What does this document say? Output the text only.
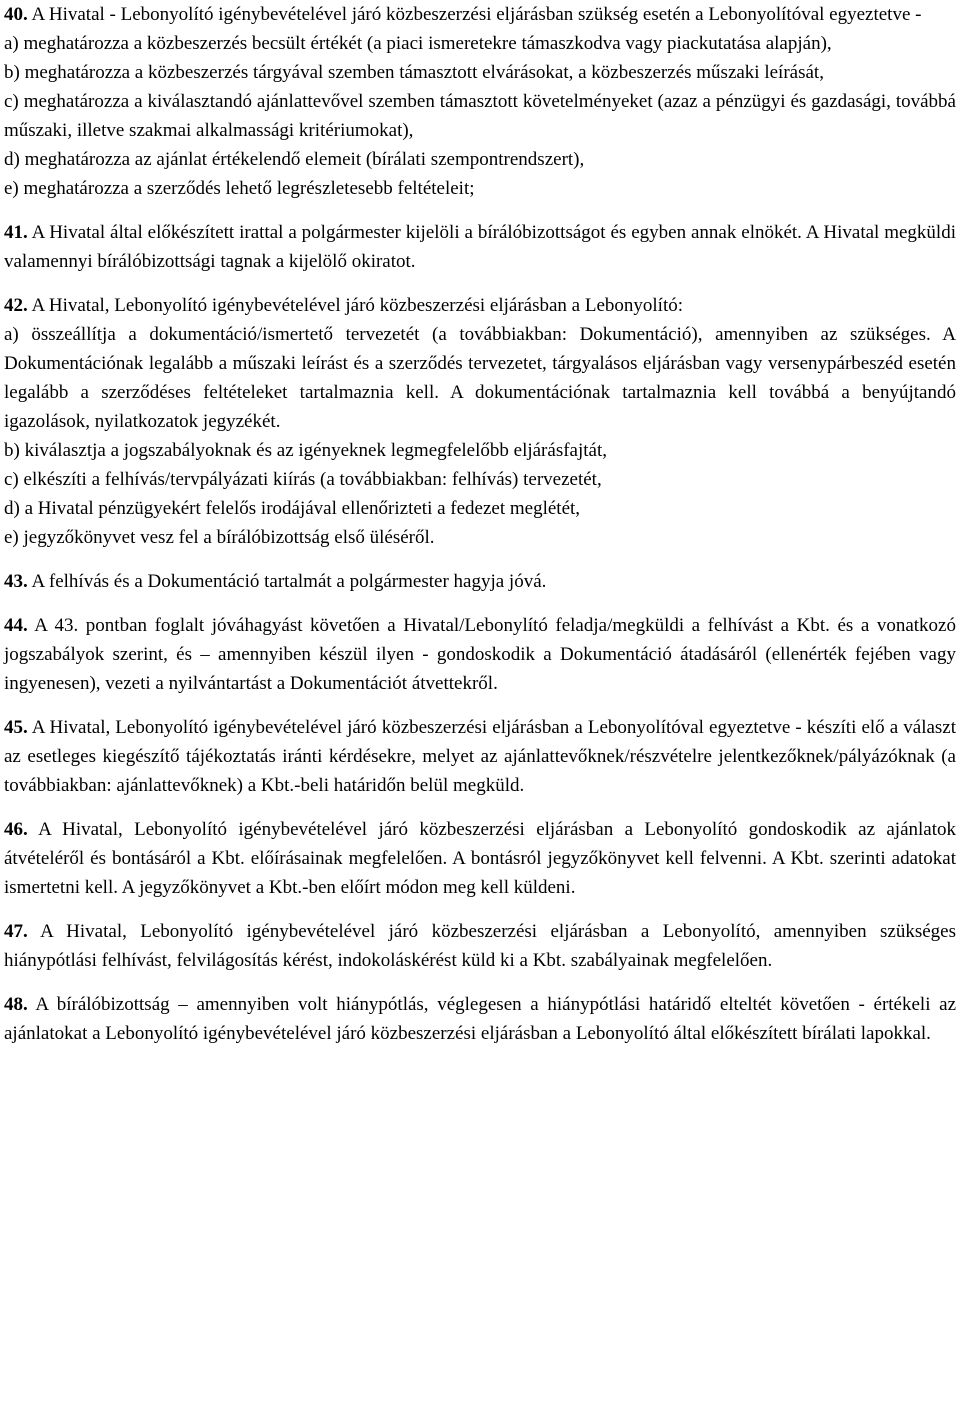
40. A Hivatal - Lebonyolító igénybevételével járó közbeszerzési eljárásban szükség esetén a Lebonyolítóval egyeztetve -

a) meghatározza a közbeszerzés becsült értékét (a piaci ismeretekre támaszkodva vagy piackutatása alapján),

b) meghatározza a közbeszerzés tárgyával szemben támasztott elvárásokat, a közbeszerzés műszaki leírását,

c) meghatározza a kiválasztandó ajánlattevővel szemben támasztott követelményeket (azaz a pénzügyi és gazdasági, továbbá műszaki, illetve szakmai alkalmassági kritériumokat),

d) meghatározza az ajánlat értékelendő elemeit (bírálati szempontrendszert),

e) meghatározza a szerződés lehető legrészletesebb feltételeit;

41. A Hivatal által előkészített irattal a polgármester kijelöli a bírálóbizottságot és egyben annak elnökét. A Hivatal megküldi valamennyi bírálóbizottsági tagnak a kijelölő okiratot.

42. A Hivatal, Lebonyolító igénybevételével járó közbeszerzési eljárásban a Lebonyolító:

a) összeállítja a dokumentáció/ismertető tervezetét (a továbbiakban: Dokumentáció), amennyiben az szükséges. A Dokumentációnak legalább a műszaki leírást és a szerződés tervezetet, tárgyalásos eljárásban vagy versenypárbeszéd esetén legalább a szerződéses feltételeket tartalmaznia kell. A dokumentációnak tartalmaznia kell továbbá a benyújtandó igazolások, nyilatkozatok jegyzékét.

b) kiválasztja a jogszabályoknak és az igényeknek legmegfelelőbb eljárásfajtát,

c) elkészíti a felhívás/tervpályázati kiírás (a továbbiakban: felhívás) tervezetét,

d) a Hivatal pénzügyekért felelős irodájával ellenőrizteti a fedezet meglétét,

e) jegyzőkönyvet vesz fel a bírálóbizottság első üléséről.

43. A felhívás és a Dokumentáció tartalmát a polgármester hagyja jóvá.

44. A 43. pontban foglalt jóváhagyást követően a Hivatal/Lebonylító feladja/megküldi a felhívást a Kbt. és a vonatkozó jogszabályok szerint, és – amennyiben készül ilyen - gondoskodik a Dokumentáció átadásáról (ellenérték fejében vagy ingyenesen), vezeti a nyilvántartást a Dokumentációt átvettekről.

45. A Hivatal, Lebonyolító igénybevételével járó közbeszerzési eljárásban a Lebonyolítóval egyeztetve - készíti elő a választ az esetleges kiegészítő tájékoztatás iránti kérdésekre, melyet az ajánlattevőknek/részvételre jelentkezőknek/pályázóknak (a továbbiakban: ajánlattevőknek) a Kbt.-beli határidőn belül megküld.

46. A Hivatal, Lebonyolító igénybevételével járó közbeszerzési eljárásban a Lebonyolító gondoskodik az ajánlatok átvételéről és bontásáról a Kbt. előírásainak megfelelően. A bontásról jegyzőkönyvet kell felvenni. A Kbt. szerinti adatokat ismertetni kell. A jegyzőkönyvet a Kbt.-ben előírt módon meg kell küldeni.

47. A Hivatal, Lebonyolító igénybevételével járó közbeszerzési eljárásban a Lebonyolító, amennyiben szükséges hiánypótlási felhívást, felvilágosítás kérést, indokoláskérést küld ki a Kbt. szabályainak megfelelően.

48. A bírálóbizottság – amennyiben volt hiánypótlás, véglegesen a hiánypótlási határidő elteltét követően - értékeli az ajánlatokat a Lebonyolító igénybevételével járó közbeszerzési eljárásban a Lebonyolító által előkészített bírálati lapokkal.
